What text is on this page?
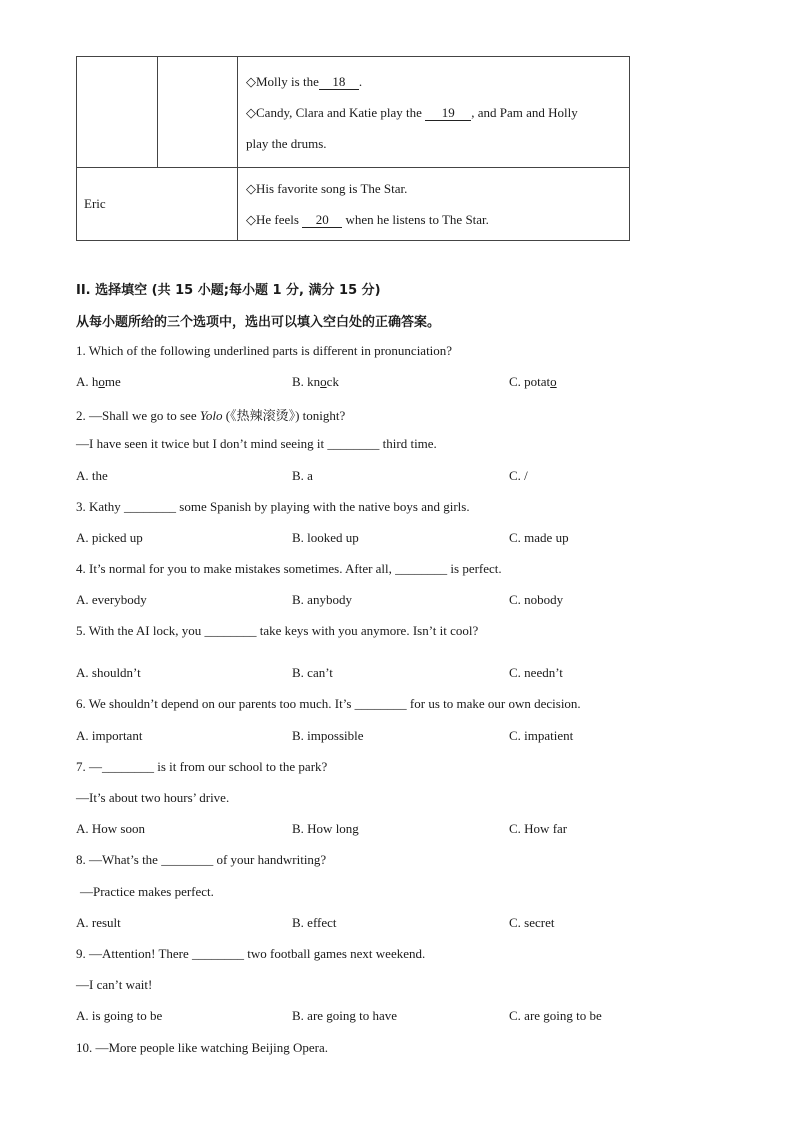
		◇Molly is the 18 .
◇Candy, Clara and Katie play the 19 , and Pam and Holly
play the drums.

Eric		◇His favorite song is The Star.
◇He feels 20 when he listens to The Star.
II. 选择填空 (共 15 小题;每小题 1 分, 满分 15 分)
从每小题所给的三个选项中，选出可以填入空白处的正确答案。
1. Which of the following underlined parts is different in pronunciation?
A. home	B. knock	C. potato
2. —Shall we go to see Yolo (《热辣滚烫》) tonight?
—I have seen it twice but I don’t mind seeing it ________ third time.
A. the	B. a	C. /
3. Kathy ________ some Spanish by playing with the native boys and girls.
A. picked up	B. looked up	C. made up
4. It’s normal for you to make mistakes sometimes. After all, ________ is perfect.
A. everybody	B. anybody	C. nobody
5. With the AI lock, you ________ take keys with you anymore. Isn’t it cool?
A. shouldn’t	B. can’t	C. needn’t
6. We shouldn’t depend on our parents too much. It’s ________ for us to make our own decision.
A. important	B. impossible	C. impatient
7. —________ is it from our school to the park?
—It’s about two hours’ drive.
A. How soon	B. How long	C. How far
8. —What’s the ________ of your handwriting?
—Practice makes perfect.
A. result	B. effect	C. secret
9. —Attention! There ________ two football games next weekend.
—I can’t wait!
A. is going to be	B. are going to have	C. are going to be
10. —More people like watching Beijing Opera.
